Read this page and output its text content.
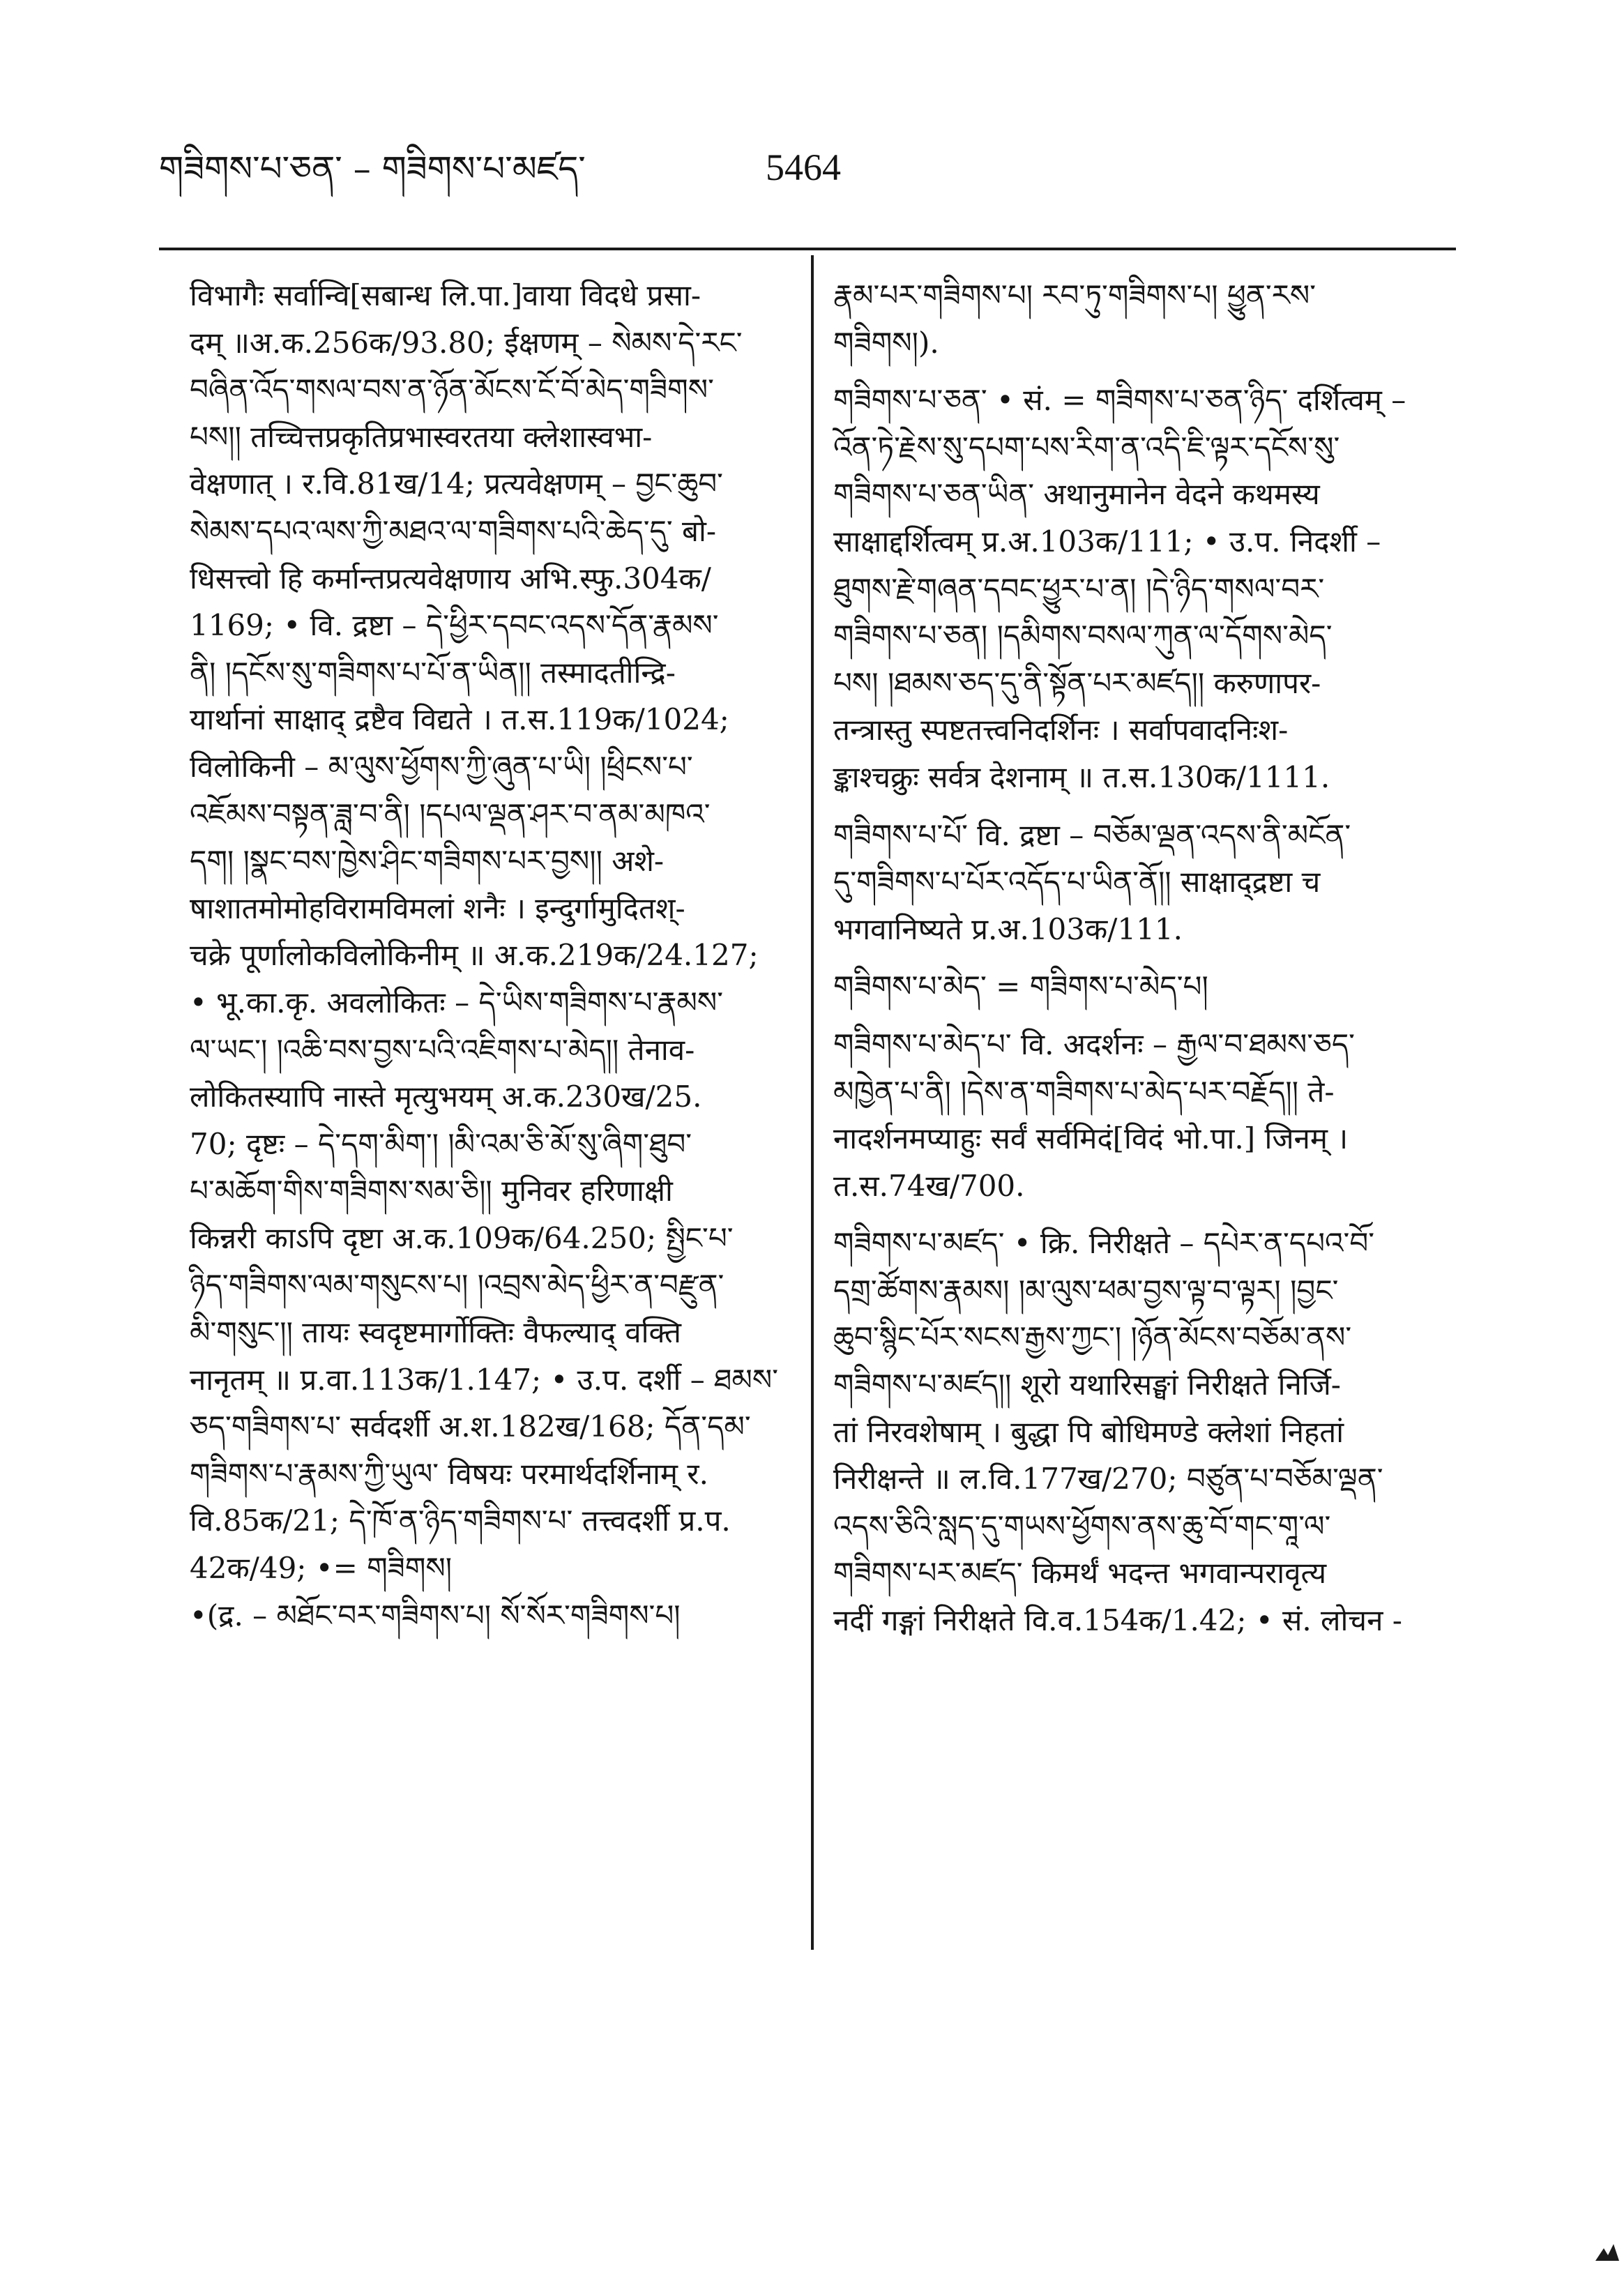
གཟིགས་པ་ཅན་ – གཟིགས་པ་མཛད་	5464

विभागैः सर्वान्वि[सबान्ध लि.पा.]वाया विदधे प्रसा-

दम् ॥अ.क.256क/93.80; ईक्षणम् – སེམས་དེ་རང་

བཞིན་འོད་གསལ་བས་ན་ཉོན་མོངས་ངོ་བོ་མེད་གཟིགས་

པས།། तच्चित्तप्रकृतिप्रभास्वरतया क्लेशास्वभा-

वेक्षणात् । र.वि.81ख/14; प्रत्यवेक्षणम् – བྱང་ཆུབ་

སེམས་དཔའ་ལས་ཀྱི་མཐའ་ལ་གཟིགས་པའི་ཆེད་དུ་ बो-

धिसत्त्वो हि कर्मान्तप्रत्यवेक्षणाय अभि.स्फु.304क/

1169; • वि. द्रष्टा – དེ་ཕྱིར་དབང་འདས་དོན་རྣམས་

ནི། །དངོས་སུ་གཟིགས་པ་པོ་ན་ཡིན།། तस्मादतीन्द्रि-

यार्थानां साक्षाद् द्रष्टैव विद्यते । त.स.119क/1024;

विलोकिनी – མ་ལུས་ཕྱོགས་ཀྱི་ཞུན་པ་ཡི། །ཕྲིངས་པ་

འཇོམས་བསྟན་ཟླ་བ་ནི། །དཔལ་ལྡན་ཤར་བ་ནམ་མཁའ་

དག། །སྣང་བས་ཁྱེས་ཤིང་གཟིགས་པར་བྱས།། अशे-

षाशातमोमोहविरामविमलां शनैः । इन्दुर्गामुदितश्-

चक्रे पूर्णालोकविलोकिनीम् ॥ अ.क.219क/24.127;

• भू.का.कृ. अवलोकितः – དེ་ཡིས་གཟིགས་པ་རྣམས་

ལ་ཡང་། །འཆི་བས་བྱས་པའི་འཇིགས་པ་མེད།། तेनाव-

लोकितस्यापि नास्ते मृत्युभयम् अ.क.230ख/25.

70; दृष्टः – དེ་དག་མིག་། །མི་འམ་ཅི་མོ་སུ་ཞིག་ཐུབ་

པ་མཆོག་གིས་གཟིགས་སམ་ཅི།། मुनिवर हरिणाक्षी

किन्नरी काऽपि दृष्टा अ.क.109क/64.250; སྤྱིང་པ་

ཉིད་གཟིགས་ལམ་གསུངས་པ། །འབྲས་མེད་ཕྱིར་ན་བརྫུན་

མི་གསུང་།། तायः स्वदृष्टमार्गोक्तिः वैफल्याद् वक्ति

नानृतम् ॥ प्र.वा.113क/1.147; • उ.प. दर्शी – ཐམས་

ཅད་གཟིགས་པ་ सर्वदर्शी अ.श.182ख/168; དོན་དམ་

གཟིགས་པ་རྣམས་ཀྱི་ཡུལ་ विषयः परमार्थदर्शिनाम् र.

वि.85क/21; དེ་ཁོ་ན་ཉིད་གཟིགས་པ་ तत्त्वदर्शी प्र.प.

42क/49; •= གཟིགས།

•(द्र. – མཐོང་བར་གཟིགས་པ། སོ་སོར་གཟིགས་པ།

རྣམ་པར་གཟིགས་པ། རབ་ཏུ་གཟིགས་པ། ཕྱུན་རས་

གཟིགས།).

གཟིགས་པ་ཅན་ • सं. = གཟིགས་པ་ཅན་ཉིད་ दर्शित्वम् –

འོན་ཏེ་རྗེས་སུ་དཔག་པས་རིག་ན་འདི་ཇི་ལྟར་དངོས་སུ་

གཟིགས་པ་ཅན་ཡིན་ अथानुमानेन वेदने कथमस्य

साक्षाद्दर्शित्वम् प्र.अ.103क/111; • उ.प. निदर्शी –

ཐུགས་རྗེ་གཞན་དབང་ཕྱུར་པ་ན། །དེ་ཉིད་གསལ་བར་

གཟིགས་པ་ཅན། །དམིགས་བསལ་ཀུན་ལ་དོགས་མེད་

པས། །ཐམས་ཅད་དུ་ནི་སྟོན་པར་མཛད།། करुणापर-

तन्त्रास्तु स्पष्टतत्त्वनिदर्शिनः । सर्वापवादनिःश-

ङ्काश्चक्रुः सर्वत्र देशनाम् ॥ त.स.130क/1111.

གཟིགས་པ་པོ་ वि. द्रष्टा – བཅོམ་ལྡན་འདས་ནི་མངོན་

དུ་གཟིགས་པ་པོར་འདོད་པ་ཡིན་ནོ།། साक्षाद्द्रष्टा च

भगवानिष्यते प्र.अ.103क/111.

གཟིགས་པ་མེད་ = གཟིགས་པ་མེད་པ།

གཟིགས་པ་མེད་པ་ वि. अदर्शनः – རྒྱལ་བ་ཐམས་ཅད་

མཁྱེན་པ་ནི། །དེས་ན་གཟིགས་པ་མེད་པར་བརྗོད།། ते-

नादर्शनमप्याहुः सर्वं सर्वमिदं[विदं भो.पा.] जिनम् ।

त.स.74ख/700.

གཟིགས་པ་མཛད་ • क्रि. निरीक्षते – དཔེར་ན་དཔའ་བོ་

དགྲ་ཚོགས་རྣམས། །མ་ལུས་ཕམ་བྱས་ལྟ་བ་ལྟར། །བྱང་

ཆུབ་སྙིང་པོར་སངས་རྒྱས་ཀྱང་། །ཉོན་མོངས་བཅོམ་ནས་

གཟིགས་པ་མཛད།། शूरो यथारिसङ्घां निरीक्षते निर्जि-

तां निरवशेषाम् । बुद्धा पि बोधिमण्डे क्लेशां निहतां

निरीक्षन्ते ॥ ल.वि.177ख/270; བཙུན་པ་བཅོམ་ལྡན་

འདས་ཅིའི་སླད་དུ་གཡས་ཕྱོགས་ནས་ཆུ་བོ་གང་གཱ་ལ་

གཟིགས་པར་མཛད་ किमर्थं भदन्त भगवान्परावृत्य

नदीं गङ्गां निरीक्षते वि.व.154क/1.42; • सं. लोचन -
